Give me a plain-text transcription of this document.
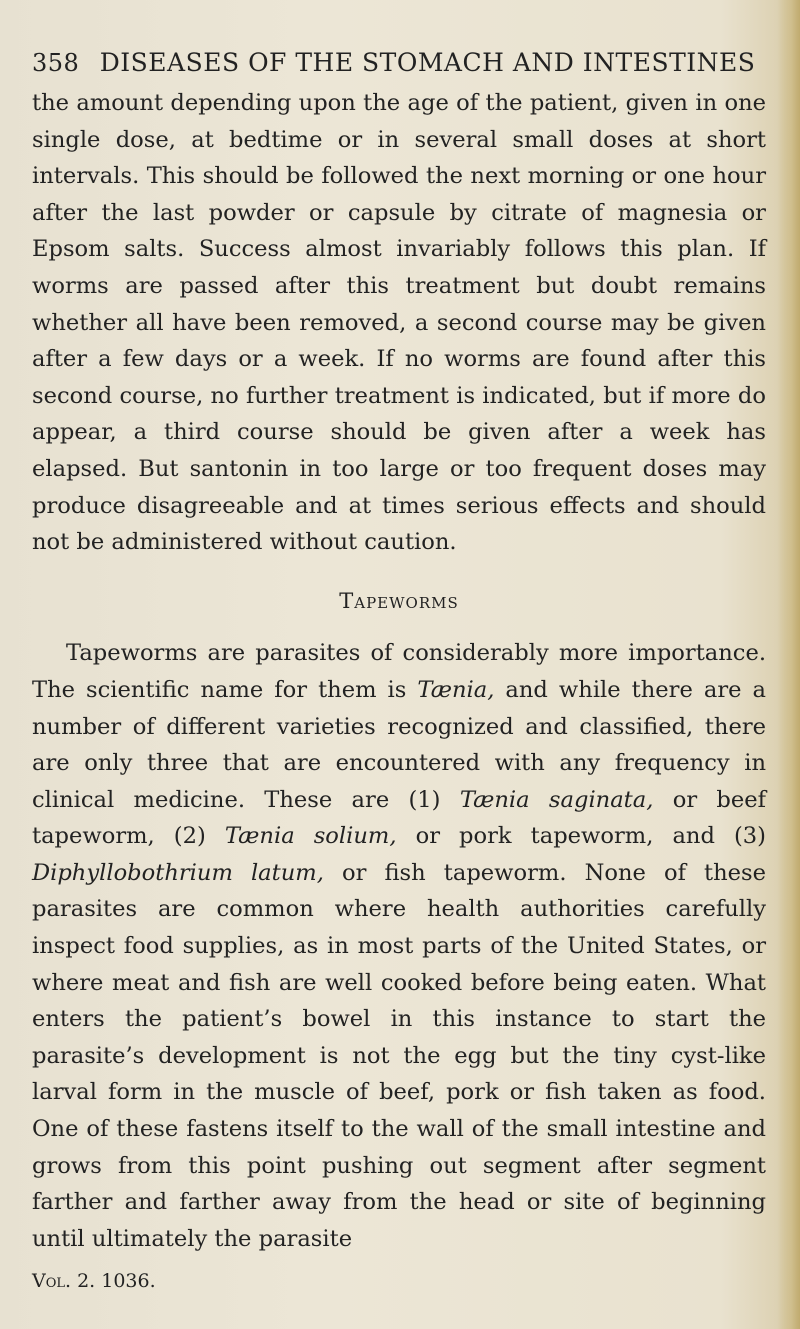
358 DISEASES OF THE STOMACH AND INTESTINES

the amount depending upon the age of the patient, given in one single dose, at bedtime or in several small doses at short intervals. This should be followed the next morning or one hour after the last powder or capsule by citrate of magnesia or Epsom salts. Success almost invariably follows this plan. If worms are passed after this treatment but doubt remains whether all have been removed, a second course may be given after a few days or a week. If no worms are found after this second course, no further treatment is indicated, but if more do appear, a third course should be given after a week has elapsed. But santonin in too large or too frequent doses may produce disagreeable and at times serious effects and should not be administered without caution.

Tapeworms

Tapeworms are parasites of considerably more importance. The scientific name for them is Tænia, and while there are a number of different varieties recognized and classified, there are only three that are encountered with any frequency in clinical medicine. These are (1) Tænia saginata, or beef tapeworm, (2) Tænia solium, or pork tapeworm, and (3) Diphyllobothrium latum, or fish tapeworm. None of these parasites are common where health authorities carefully inspect food supplies, as in most parts of the United States, or where meat and fish are well cooked before being eaten. What enters the patient’s bowel in this instance to start the parasite’s development is not the egg but the tiny cyst-like larval form in the muscle of beef, pork or fish taken as food. One of these fastens itself to the wall of the small intestine and grows from this point pushing out segment after segment farther and farther away from the head or site of beginning until ultimately the parasite

Vol. 2. 1036.
